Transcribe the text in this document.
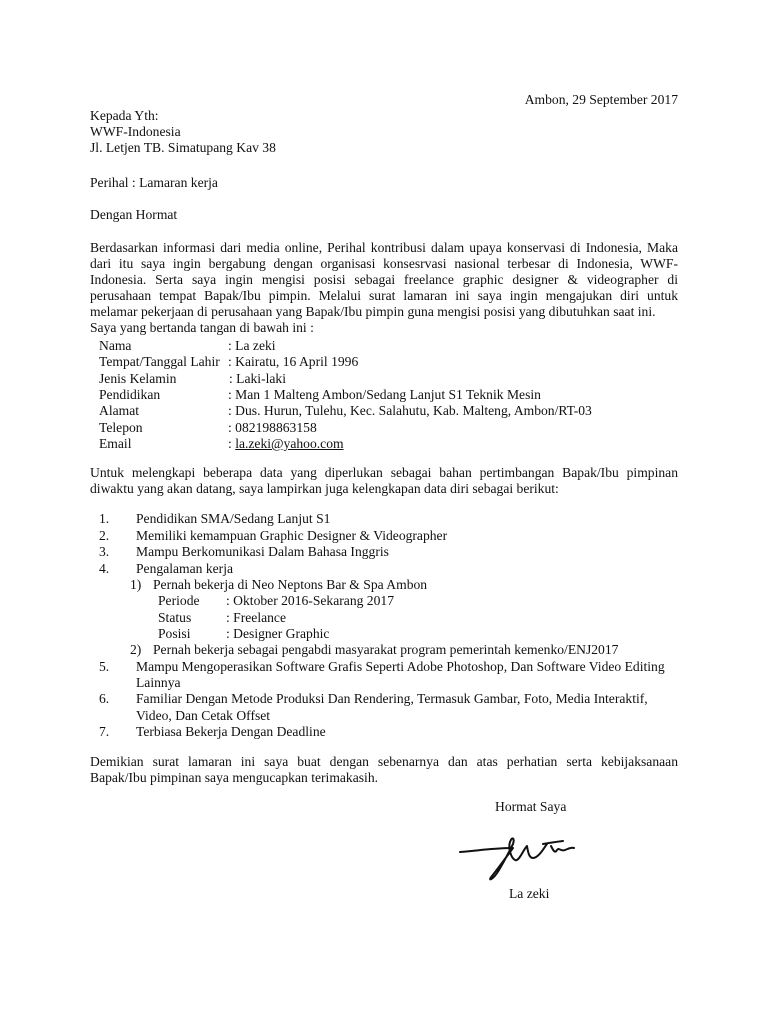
Ambon, 29 September 2017
Kepada Yth:
WWF-Indonesia
Jl. Letjen TB. Simatupang Kav 38
Perihal : Lamaran kerja
Dengan Hormat
Berdasarkan informasi dari media online, Perihal kontribusi dalam upaya konservasi di Indonesia, Maka
dari itu saya ingin bergabung dengan organisasi konsesrvasi nasional terbesar di Indonesia, WWF-
Indonesia. Serta saya ingin mengisi posisi sebagai freelance graphic designer & videographer di
perusahaan tempat Bapak/Ibu pimpin. Melalui surat lamaran ini saya ingin mengajukan diri untuk
melamar pekerjaan di perusahaan yang Bapak/Ibu pimpin guna mengisi posisi yang dibutuhkan saat ini.
Saya yang bertanda tangan di bawah ini :
Nama	: La zeki
Tempat/Tanggal Lahir : Kairatu, 16 April 1996
Jenis Kelamin	: Laki-laki
Pendidikan	: Man 1 Malteng Ambon/Sedang Lanjut S1 Teknik Mesin
Alamat	: Dus. Hurun, Tulehu, Kec. Salahutu, Kab. Malteng, Ambon/RT-03
Telepon	: 082198863158
Email	: la.zeki@yahoo.com
Untuk melengkapi beberapa data yang diperlukan sebagai bahan pertimbangan Bapak/Ibu pimpinan
diwaktu yang akan datang, saya lampirkan juga kelengkapan data diri sebagai berikut:
1. Pendidikan SMA/Sedang Lanjut S1
2. Memiliki kemampuan Graphic Designer & Videographer
3. Mampu Berkomunikasi Dalam Bahasa Inggris
4. Pengalaman kerja
1) Pernah bekerja di Neo Neptons Bar & Spa Ambon
Periode : Oktober 2016-Sekarang 2017
Status	: Freelance
Posisi	: Designer Graphic
2) Pernah bekerja sebagai pengabdi masyarakat program pemerintah kemenko/ENJ2017
5. Mampu Mengoperasikan Software Grafis Seperti Adobe Photoshop, Dan Software Video Editing
Lainnya
6. Familiar Dengan Metode Produksi Dan Rendering, Termasuk Gambar, Foto, Media Interaktif,
Video, Dan Cetak Offset
7. Terbiasa Bekerja Dengan Deadline
Demikian surat lamaran ini saya buat dengan sebenarnya dan atas perhatian serta kebijaksanaan
Bapak/Ibu pimpinan saya mengucapkan terimakasih.
Hormat Saya
La zeki
